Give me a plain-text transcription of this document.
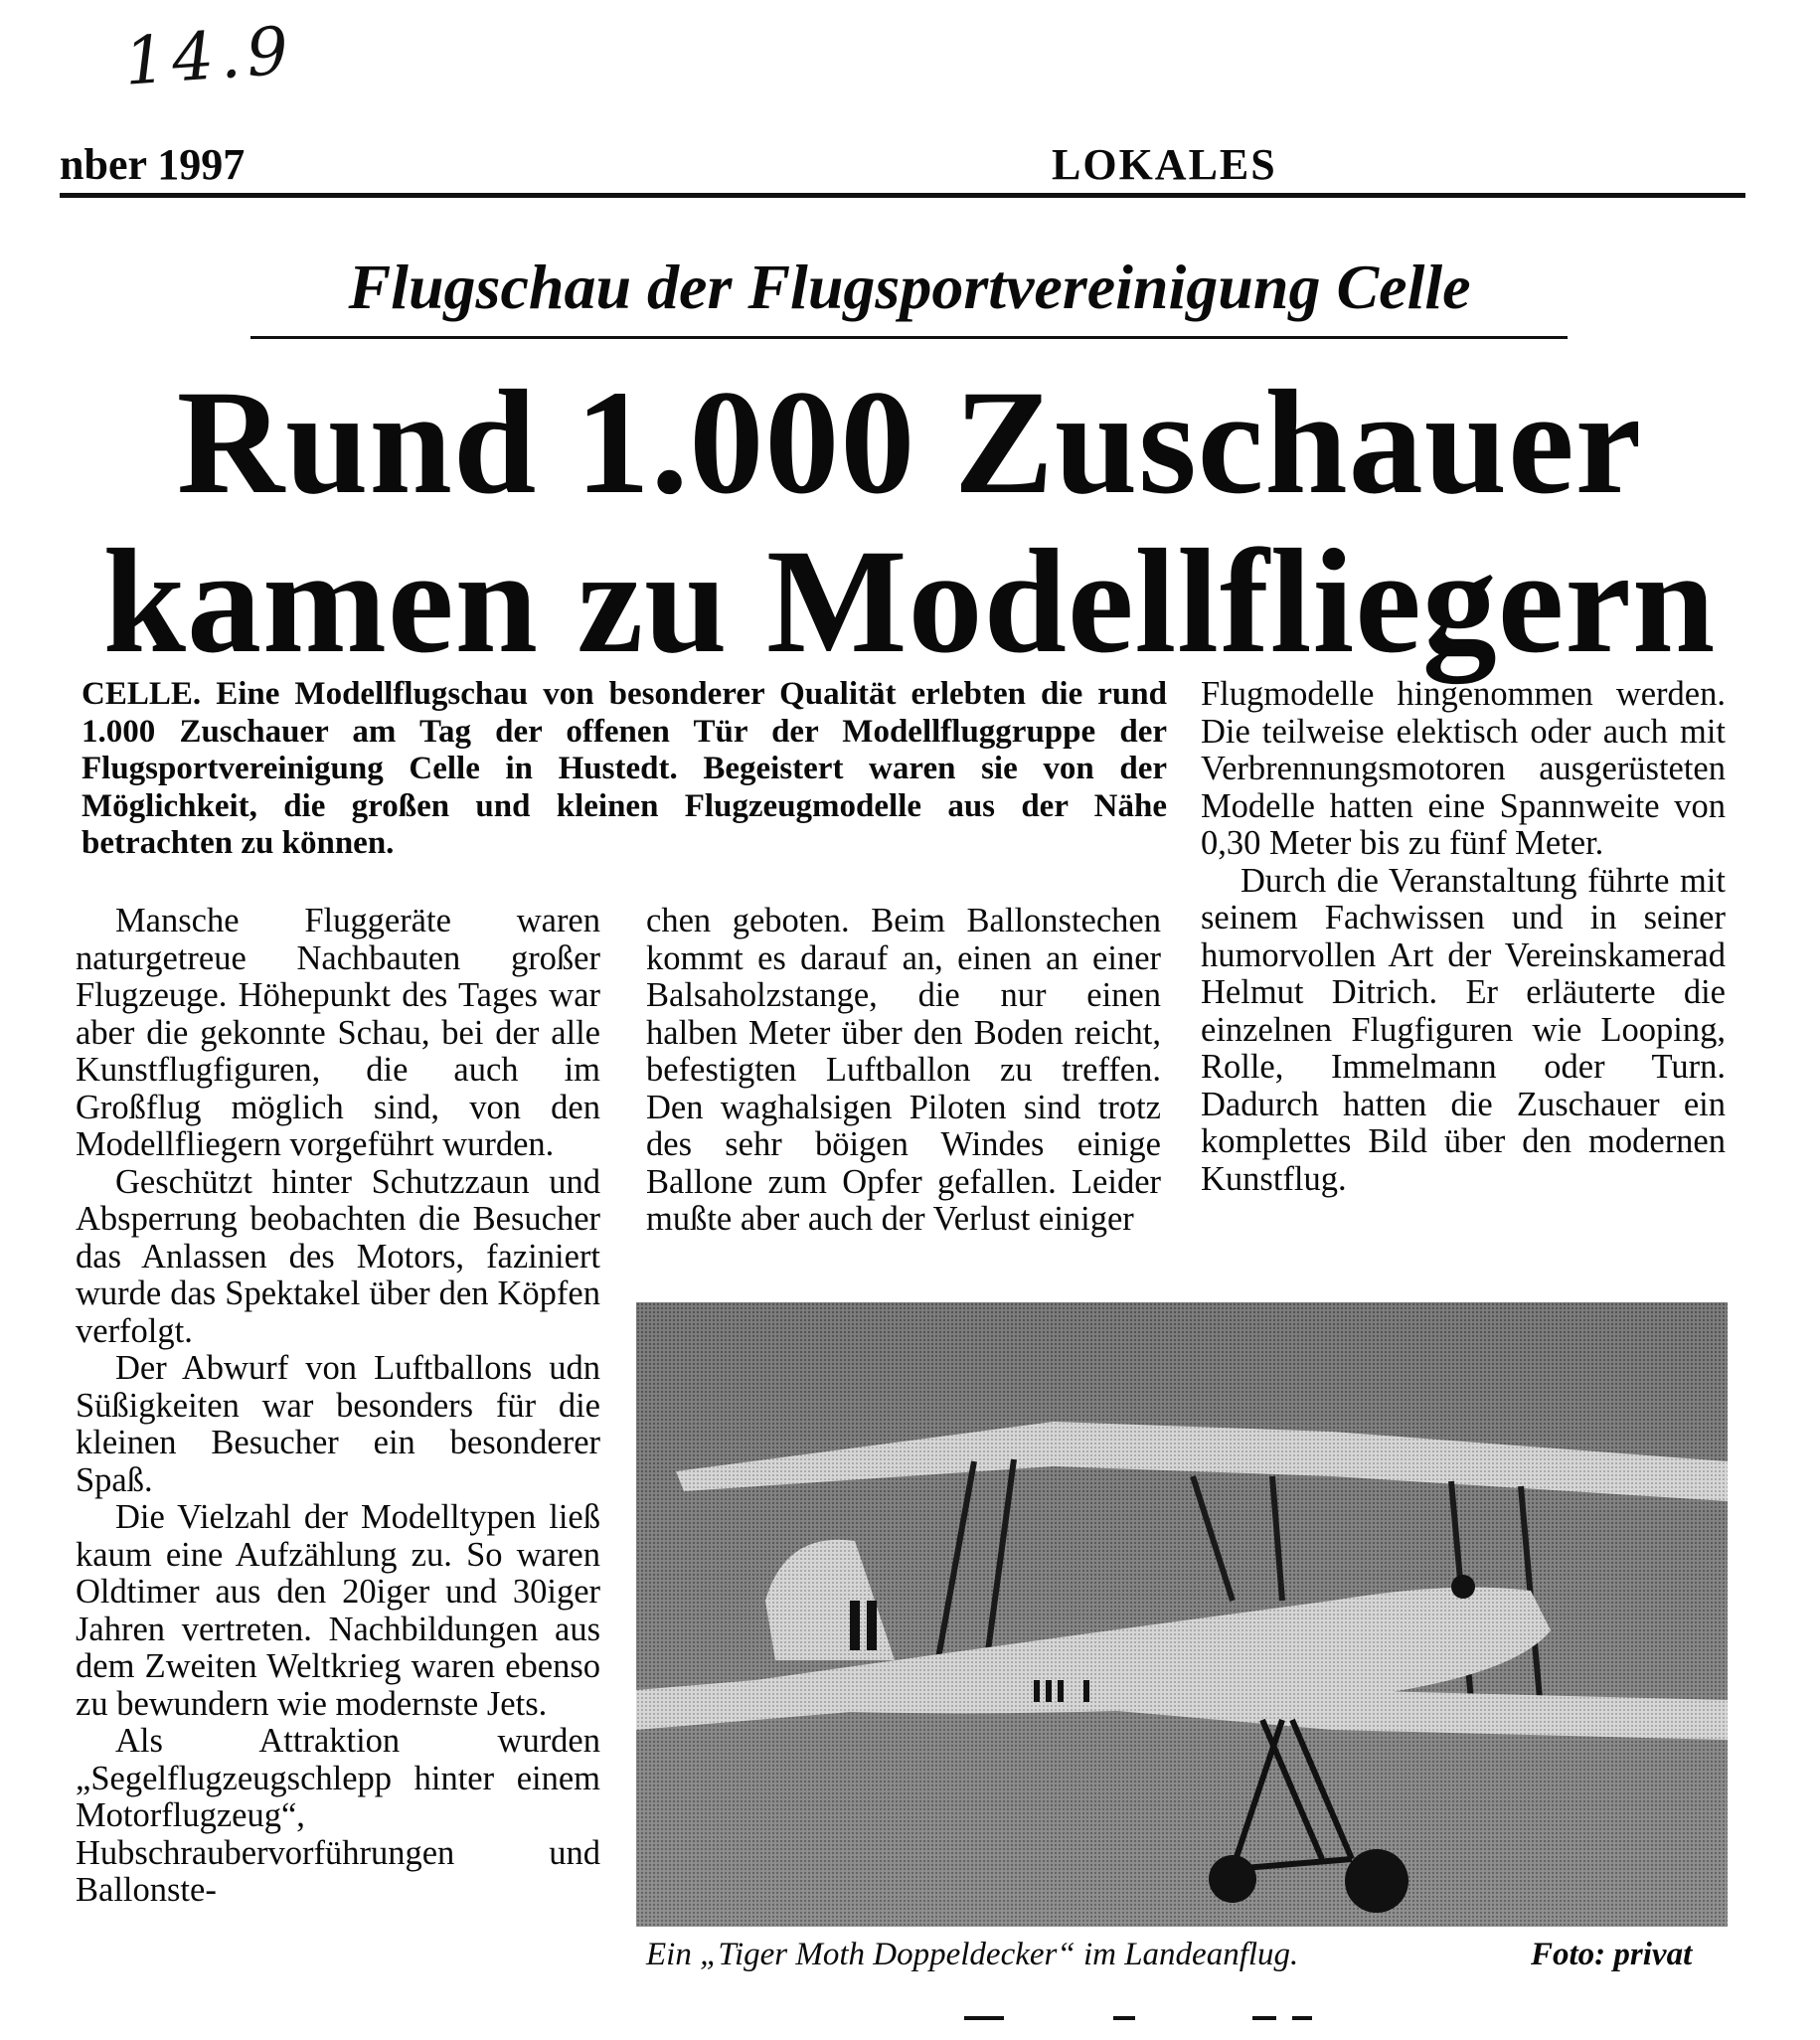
14.9
nber 1997	LOKALES
Flugschau der Flugsportvereinigung Celle
Rund 1.000 Zuschauer
kamen zu Modellfliegern

CELLE. Eine Modellflugschau von besonderer Qualität erlebten die rund 1.000 Zuschauer am Tag der offenen Tür der Modellfluggruppe der Flugsportvereinigung Celle in Hustedt. Begeistert waren sie von der Möglichkeit, die großen und kleinen Flugzeugmodelle aus der Nähe betrachten zu können.

Mansche Fluggeräte waren naturgetreue Nachbauten großer Flugzeuge. Höhepunkt des Tages war aber die gekonnte Schau, bei der alle Kunstflugfiguren, die auch im Großflug möglich sind, von den Modellfliegern vorgeführt wurden.

Geschützt hinter Schutzzaun und Absperrung beobachten die Besucher das Anlassen des Motors, faziniert wurde das Spektakel über den Köpfen verfolgt.

Der Abwurf von Luftballons udn Süßigkeiten war besonders für die kleinen Besucher ein besonderer Spaß.

Die Vielzahl der Modelltypen ließ kaum eine Aufzählung zu. So waren Oldtimer aus den 20iger und 30iger Jahren vertreten. Nachbildungen aus dem Zweiten Weltkrieg waren ebenso zu bewundern wie modernste Jets.

Als Attraktion wurden „Segelflugzeugschlepp hinter einem Motorflugzeug“, Hubschraubervorführungen und Ballonste-

chen geboten. Beim Ballonstechen kommt es darauf an, einen an einer Balsaholzstange, die nur einen halben Meter über den Boden reicht, befestigten Luftballon zu treffen. Den waghalsigen Piloten sind trotz des sehr böigen Windes einige Ballone zum Opfer gefallen. Leider mußte aber auch der Verlust einiger

Flugmodelle hingenommen werden. Die teilweise elektisch oder auch mit Verbrennungsmotoren ausgerüsteten Modelle hatten eine Spannweite von 0,30 Meter bis zu fünf Meter.

Durch die Veranstaltung führte mit seinem Fachwissen und in seiner humorvollen Art der Vereinskamerad Helmut Ditrich. Er erläuterte die einzelnen Flugfiguren wie Looping, Rolle, Immelmann oder Turn. Dadurch hatten die Zuschauer ein komplettes Bild über den modernen Kunstflug.

Ein „Tiger Moth Doppeldecker“ im Landeanflug.	Foto: privat
